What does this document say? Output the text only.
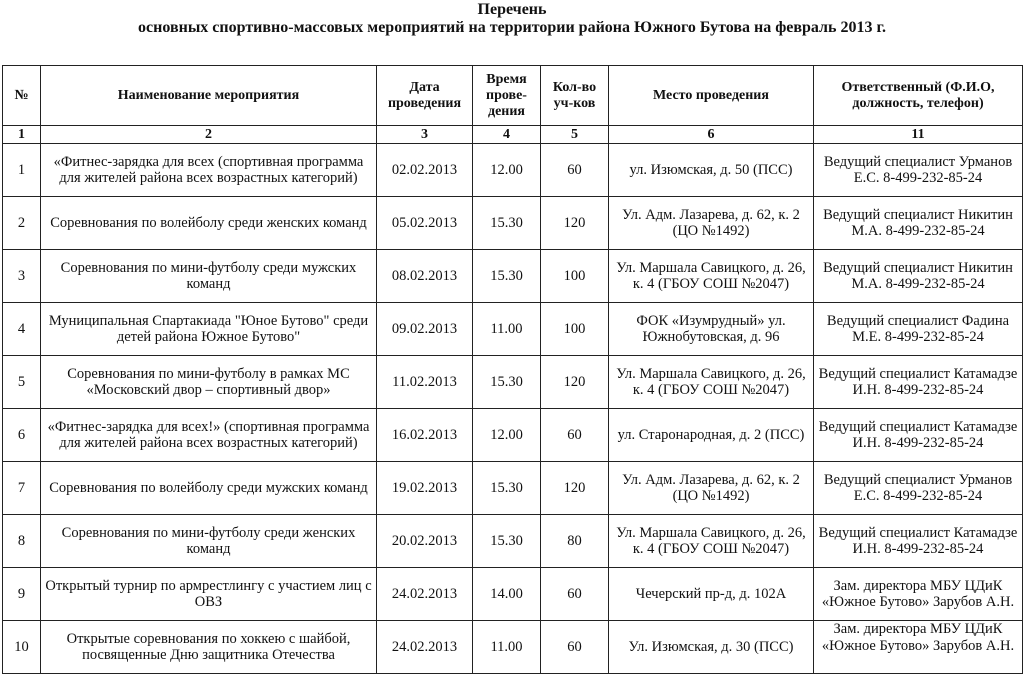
Перечень
основных спортивно-массовых мероприятий на территории района Южного Бутова на февраль 2013 г.
№	Наименование мероприятия	Дата проведения	Время прове-дения	Кол-во уч-ков	Место проведения	Ответственный (Ф.И.О, должность, телефон)
1	2	3	4	5	6	11
1	«Фитнес-зарядка для всех (спортивная программа для жителей района всех возрастных категорий)	02.02.2013	12.00	60	ул. Изюмская, д. 50 (ПСС)	Ведущий специалист Урманов Е.С. 8-499-232-85-24
2	Соревнования по волейболу среди женских команд	05.02.2013	15.30	120	Ул. Адм. Лазарева, д. 62, к. 2 (ЦО №1492)	Ведущий специалист Никитин М.А. 8-499-232-85-24
3	Соревнования по мини-футболу среди мужских команд	08.02.2013	15.30	100	Ул. Маршала Савицкого, д. 26, к. 4 (ГБОУ СОШ №2047)	Ведущий специалист Никитин М.А. 8-499-232-85-24
4	Муниципальная Спартакиада "Юное Бутово" среди детей района Южное Бутово"	09.02.2013	11.00	100	ФОК «Изумрудный» ул. Южнобутовская, д. 96	Ведущий специалист Фадина М.Е. 8-499-232-85-24
5	Соревнования по мини-футболу в рамках МС «Московский двор – спортивный двор»	11.02.2013	15.30	120	Ул. Маршала Савицкого, д. 26, к. 4 (ГБОУ СОШ №2047)	Ведущий специалист Катамадзе И.Н. 8-499-232-85-24
6	«Фитнес-зарядка для всех!» (спортивная программа для жителей района всех возрастных категорий)	16.02.2013	12.00	60	ул. Старонародная, д. 2 (ПСС)	Ведущий специалист Катамадзе И.Н. 8-499-232-85-24
7	Соревнования по волейболу среди мужских команд	19.02.2013	15.30	120	Ул. Адм. Лазарева, д. 62, к. 2 (ЦО №1492)	Ведущий специалист Урманов Е.С. 8-499-232-85-24
8	Соревнования по мини-футболу среди женских команд	20.02.2013	15.30	80	Ул. Маршала Савицкого, д. 26, к. 4 (ГБОУ СОШ №2047)	Ведущий специалист Катамадзе И.Н. 8-499-232-85-24
9	Открытый турнир по армрестлингу с участием лиц с ОВЗ	24.02.2013	14.00	60	Чечерский пр-д, д. 102А	Зам. директора МБУ ЦДиК «Южное Бутово» Зарубов А.Н.
10	Открытые соревнования по хоккею с шайбой, посвященные Дню защитника Отечества	24.02.2013	11.00	60	Ул. Изюмская, д. 30 (ПСС)	Зам. директора МБУ ЦДиК «Южное Бутово» Зарубов А.Н.
